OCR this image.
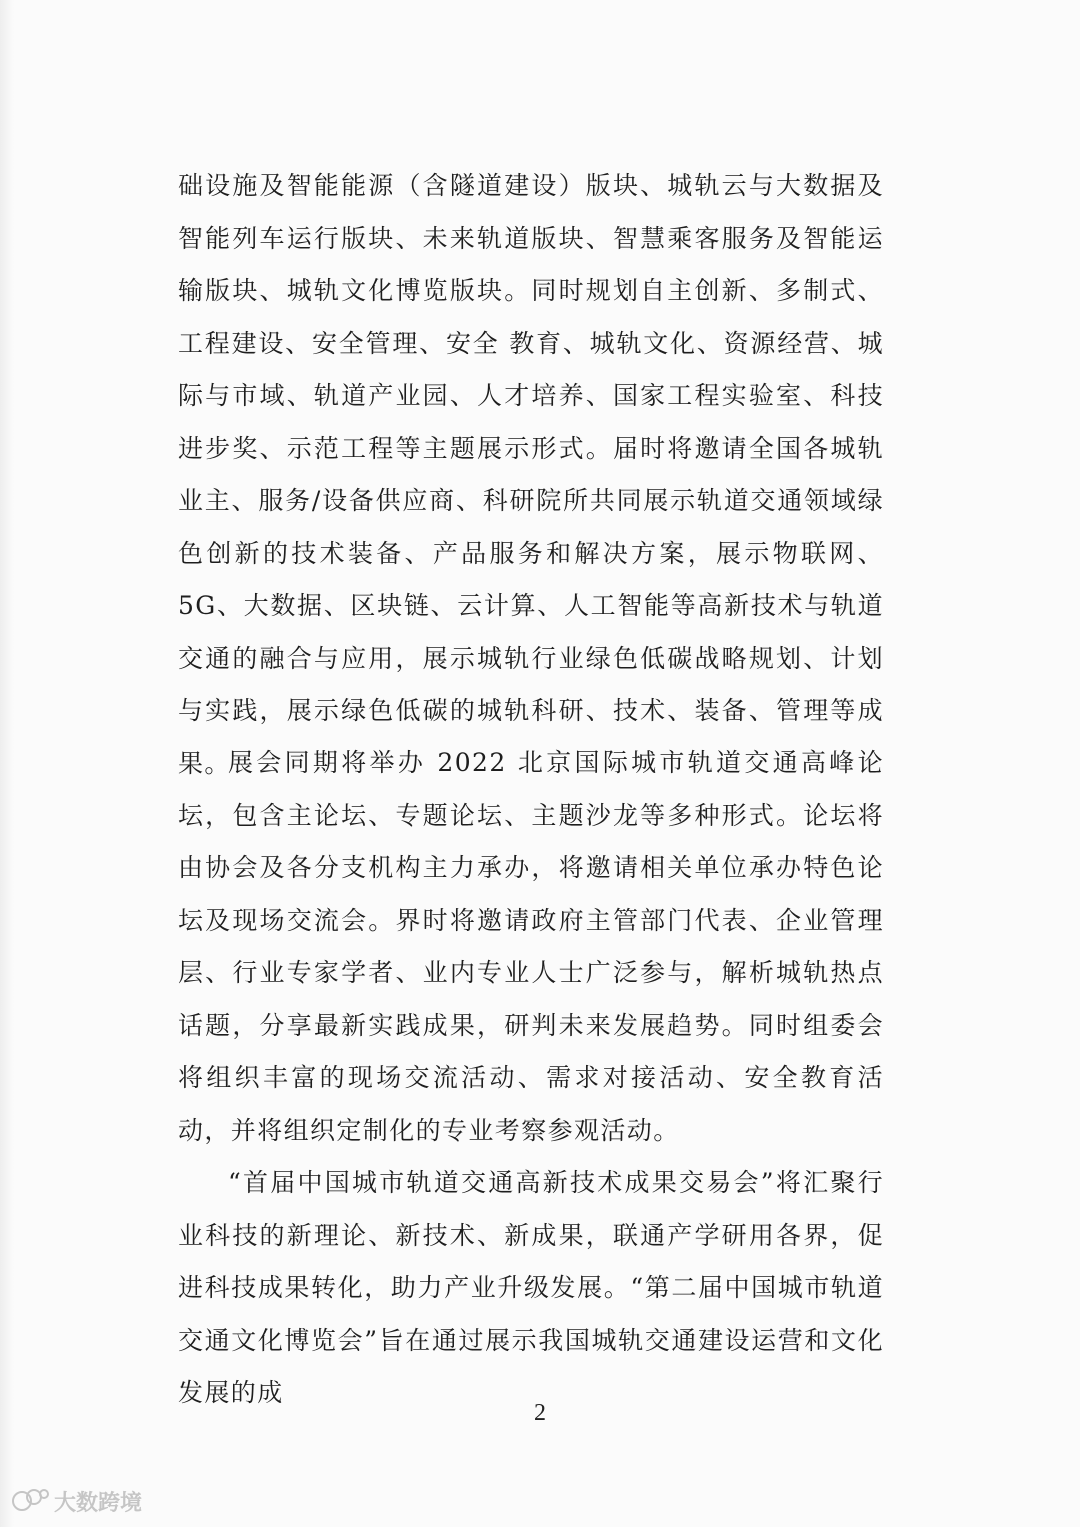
础设施及智能能源（含隧道建设）版块、城轨云与大数据及智能列车运行版块、未来轨道版块、智慧乘客服务及智能运输版块、城轨文化博览版块。同时规划自主创新、多制式、工程建设、安全管理、安全 教育、城轨文化、资源经营、城际与市域、轨道产业园、人才培养、国家工程实验室、科技进步奖、示范工程等主题展示形式。届时将邀请全国各城轨业主、服务/设备供应商、科研院所共同展示轨道交通领域绿色创新的技术装备、产品服务和解决方案，展示物联网、5G、大数据、区块链、云计算、人工智能等高新技术与轨道交通的融合与应用，展示城轨行业绿色低碳战略规划、计划与实践，展示绿色低碳的城轨科研、技术、装备、管理等成果。

展会同期将举办 2022 北京国际城市轨道交通高峰论坛，包含主论坛、专题论坛、主题沙龙等多种形式。论坛将由协会及各分支机构主力承办，将邀请相关单位承办特色论坛及现场交流会。界时将邀请政府主管部门代表、企业管理层、行业专家学者、业内专业人士广泛参与，解析城轨热点话题，分享最新实践成果，研判未来发展趋势。同时组委会将组织丰富的现场交流活动、需求对接活动、安全教育活动，并将组织定制化的专业考察参观活动。

“首届中国城市轨道交通高新技术成果交易会”将汇聚行业科技的新理论、新技术、新成果，联通产学研用各界，促进科技成果转化，助力产业升级发展。“第二届中国城市轨道交通文化博览会”旨在通过展示我国城轨交通建设运营和文化发展的成

2
大数跨境
